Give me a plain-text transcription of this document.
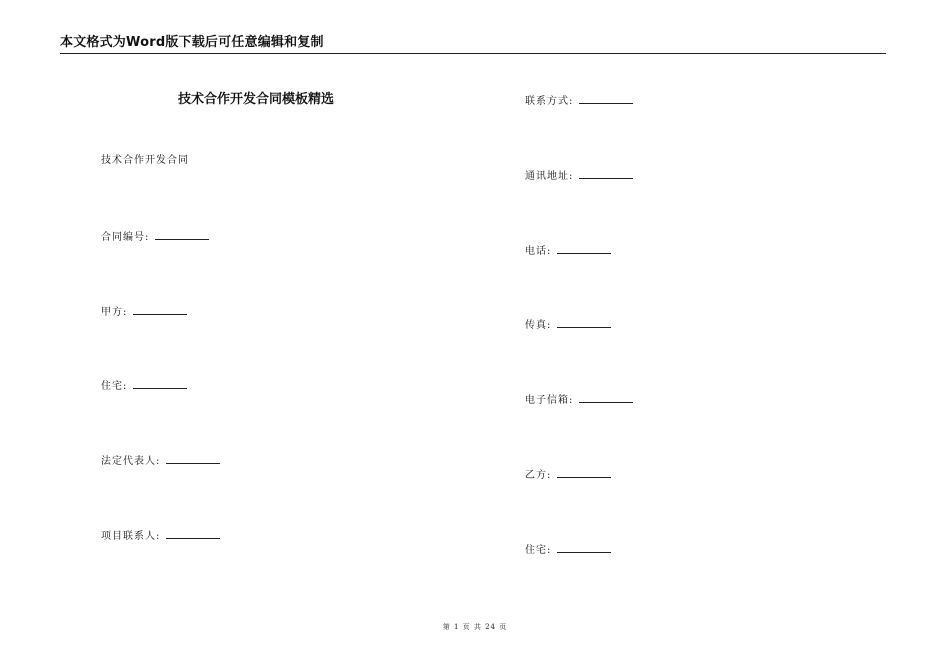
本文格式为Word版下载后可任意编辑和复制
技术合作开发合同模板精选
技术合作开发合同
合同编号:
甲方:
住宅:
法定代表人:
项目联系人:
联系方式:
通讯地址:
电话:
传真:
电子信箱:
乙方:
住宅:
第 1 页 共 24 页
